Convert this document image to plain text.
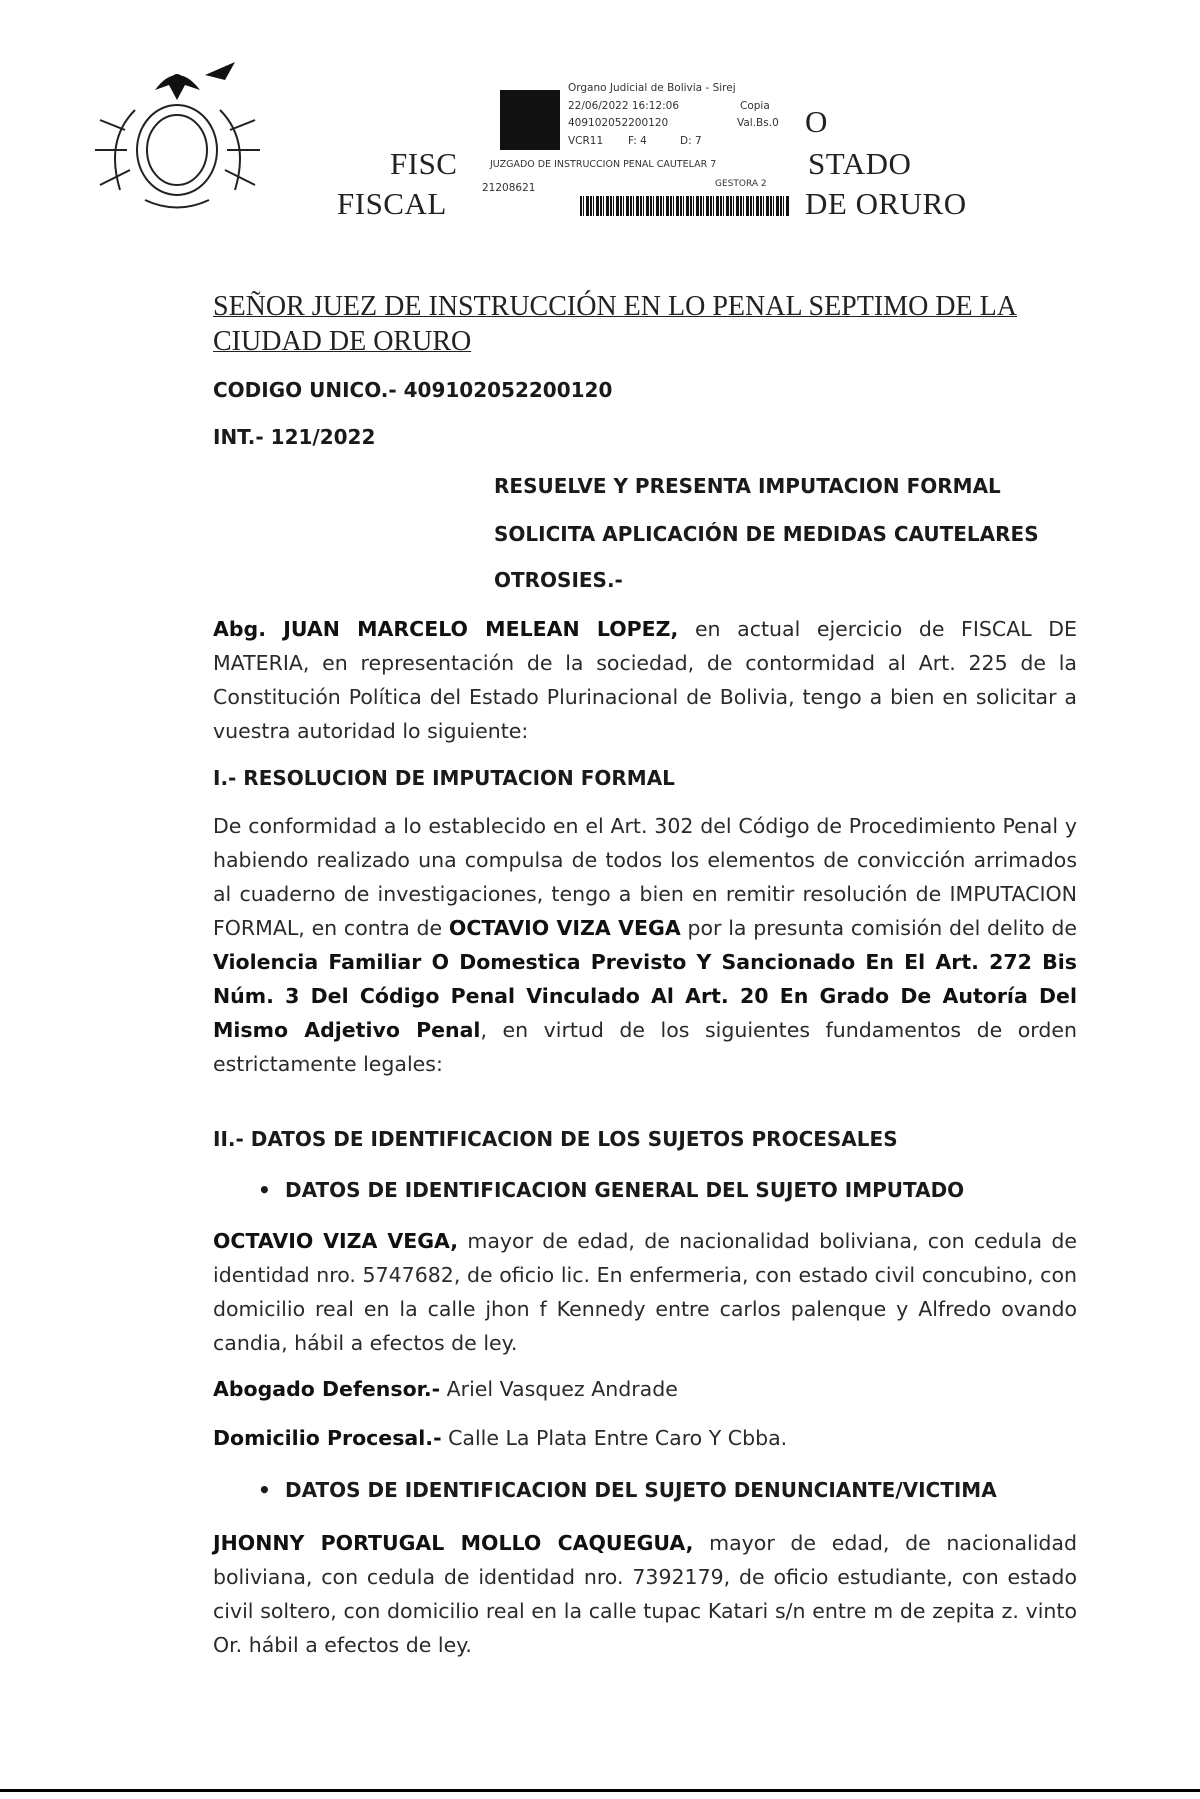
Organo Judicial de Bolivia - Sirej
22/06/2022 16:12:06	Copia
409102052200120	Val.Bs.0
VCR11 F: 4	D: 7
JUZGADO DE INSTRUCCION PENAL CAUTELAR 7
21208621	GESTORA 2
O
FISC	STADO
FISCAL	DE ORURO
SEÑOR JUEZ DE INSTRUCCIÓN EN LO PENAL SEPTIMO DE LA
CIUDAD DE ORURO
CODIGO UNICO.- 409102052200120
INT.- 121/2022
RESUELVE Y PRESENTA IMPUTACION FORMAL
SOLICITA APLICACIÓN DE MEDIDAS CAUTELARES
OTROSIES.-
Abg. JUAN MARCELO MELEAN LOPEZ, en actual ejercicio de FISCAL DE MATERIA, en representación de la sociedad, de contormidad al Art. 225 de la Constitución Política del Estado Plurinacional de Bolivia, tengo a bien en solicitar a vuestra autoridad lo siguiente:
I.- RESOLUCION DE IMPUTACION FORMAL
De conformidad a lo establecido en el Art. 302 del Código de Procedimiento Penal y habiendo realizado una compulsa de todos los elementos de convicción arrimados al cuaderno de investigaciones, tengo a bien en remitir resolución de IMPUTACION FORMAL, en contra de OCTAVIO VIZA VEGA por la presunta comisión del delito de Violencia Familiar O Domestica Previsto Y Sancionado En El Art. 272 Bis Núm. 3 Del Código Penal Vinculado Al Art. 20 En Grado De Autoría Del Mismo Adjetivo Penal, en virtud de los siguientes fundamentos de orden estrictamente legales:
II.- DATOS DE IDENTIFICACION DE LOS SUJETOS PROCESALES
• DATOS DE IDENTIFICACION GENERAL DEL SUJETO IMPUTADO
OCTAVIO VIZA VEGA, mayor de edad, de nacionalidad boliviana, con cedula de identidad nro. 5747682, de oficio lic. En enfermeria, con estado civil concubino, con domicilio real en la calle jhon f Kennedy entre carlos palenque y Alfredo ovando candia, hábil a efectos de ley.
Abogado Defensor.- Ariel Vasquez Andrade
Domicilio Procesal.- Calle La Plata Entre Caro Y Cbba.
• DATOS DE IDENTIFICACION DEL SUJETO DENUNCIANTE/VICTIMA
JHONNY PORTUGAL MOLLO CAQUEGUA, mayor de edad, de nacionalidad boliviana, con cedula de identidad nro. 7392179, de oficio estudiante, con estado civil soltero, con domicilio real en la calle tupac Katari s/n entre m de zepita z. vinto Or. hábil a efectos de ley.
